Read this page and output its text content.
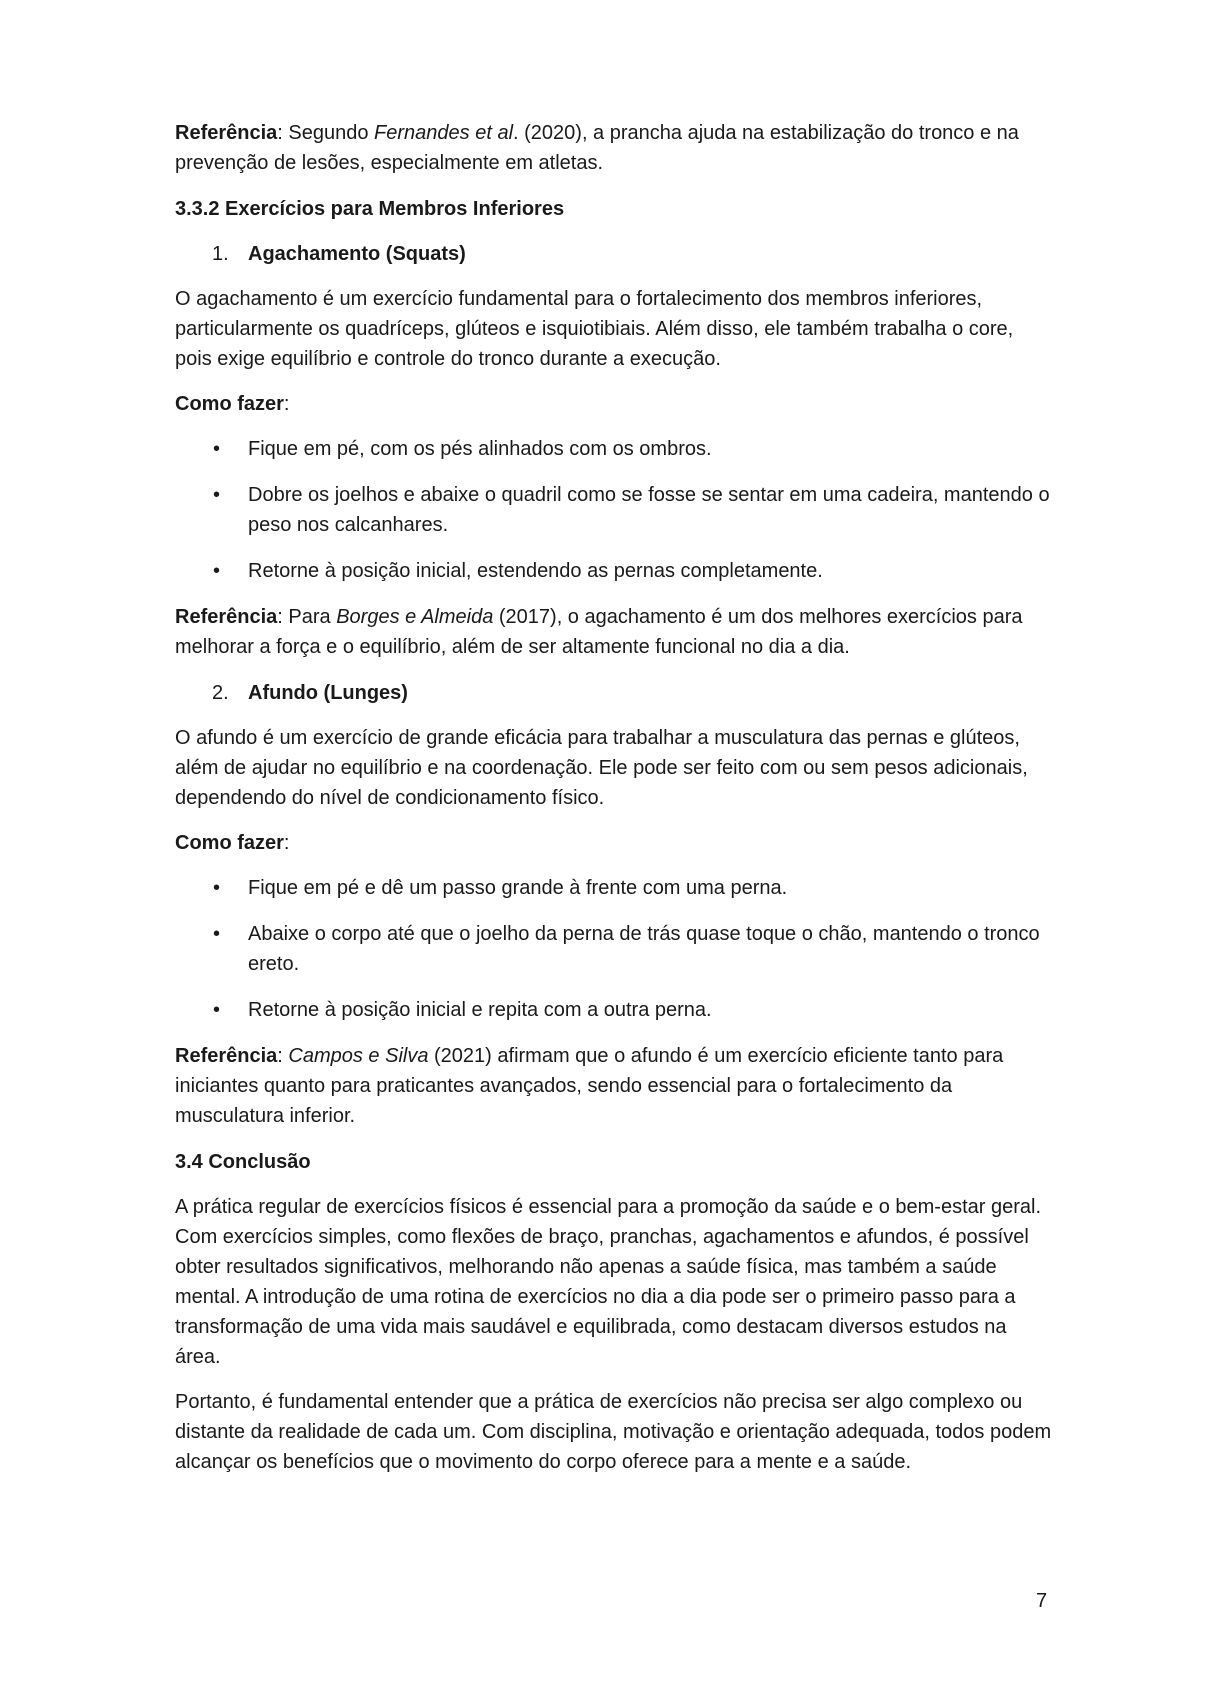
Referência: Segundo Fernandes et al. (2020), a prancha ajuda na estabilização do tronco e na prevenção de lesões, especialmente em atletas.

3.3.2 Exercícios para Membros Inferiores

1. Agachamento (Squats)

O agachamento é um exercício fundamental para o fortalecimento dos membros inferiores, particularmente os quadríceps, glúteos e isquiotibiais. Além disso, ele também trabalha o core, pois exige equilíbrio e controle do tronco durante a execução.

Como fazer:

• Fique em pé, com os pés alinhados com os ombros.
• Dobre os joelhos e abaixe o quadril como se fosse se sentar em uma cadeira, mantendo o peso nos calcanhares.
• Retorne à posição inicial, estendendo as pernas completamente.

Referência: Para Borges e Almeida (2017), o agachamento é um dos melhores exercícios para melhorar a força e o equilíbrio, além de ser altamente funcional no dia a dia.

2. Afundo (Lunges)

O afundo é um exercício de grande eficácia para trabalhar a musculatura das pernas e glúteos, além de ajudar no equilíbrio e na coordenação. Ele pode ser feito com ou sem pesos adicionais, dependendo do nível de condicionamento físico.

Como fazer:

• Fique em pé e dê um passo grande à frente com uma perna.
• Abaixe o corpo até que o joelho da perna de trás quase toque o chão, mantendo o tronco ereto.
• Retorne à posição inicial e repita com a outra perna.

Referência: Campos e Silva (2021) afirmam que o afundo é um exercício eficiente tanto para iniciantes quanto para praticantes avançados, sendo essencial para o fortalecimento da musculatura inferior.

3.4 Conclusão

A prática regular de exercícios físicos é essencial para a promoção da saúde e o bem-estar geral. Com exercícios simples, como flexões de braço, pranchas, agachamentos e afundos, é possível obter resultados significativos, melhorando não apenas a saúde física, mas também a saúde mental. A introdução de uma rotina de exercícios no dia a dia pode ser o primeiro passo para a transformação de uma vida mais saudável e equilibrada, como destacam diversos estudos na área.

Portanto, é fundamental entender que a prática de exercícios não precisa ser algo complexo ou distante da realidade de cada um. Com disciplina, motivação e orientação adequada, todos podem alcançar os benefícios que o movimento do corpo oferece para a mente e a saúde.

7
